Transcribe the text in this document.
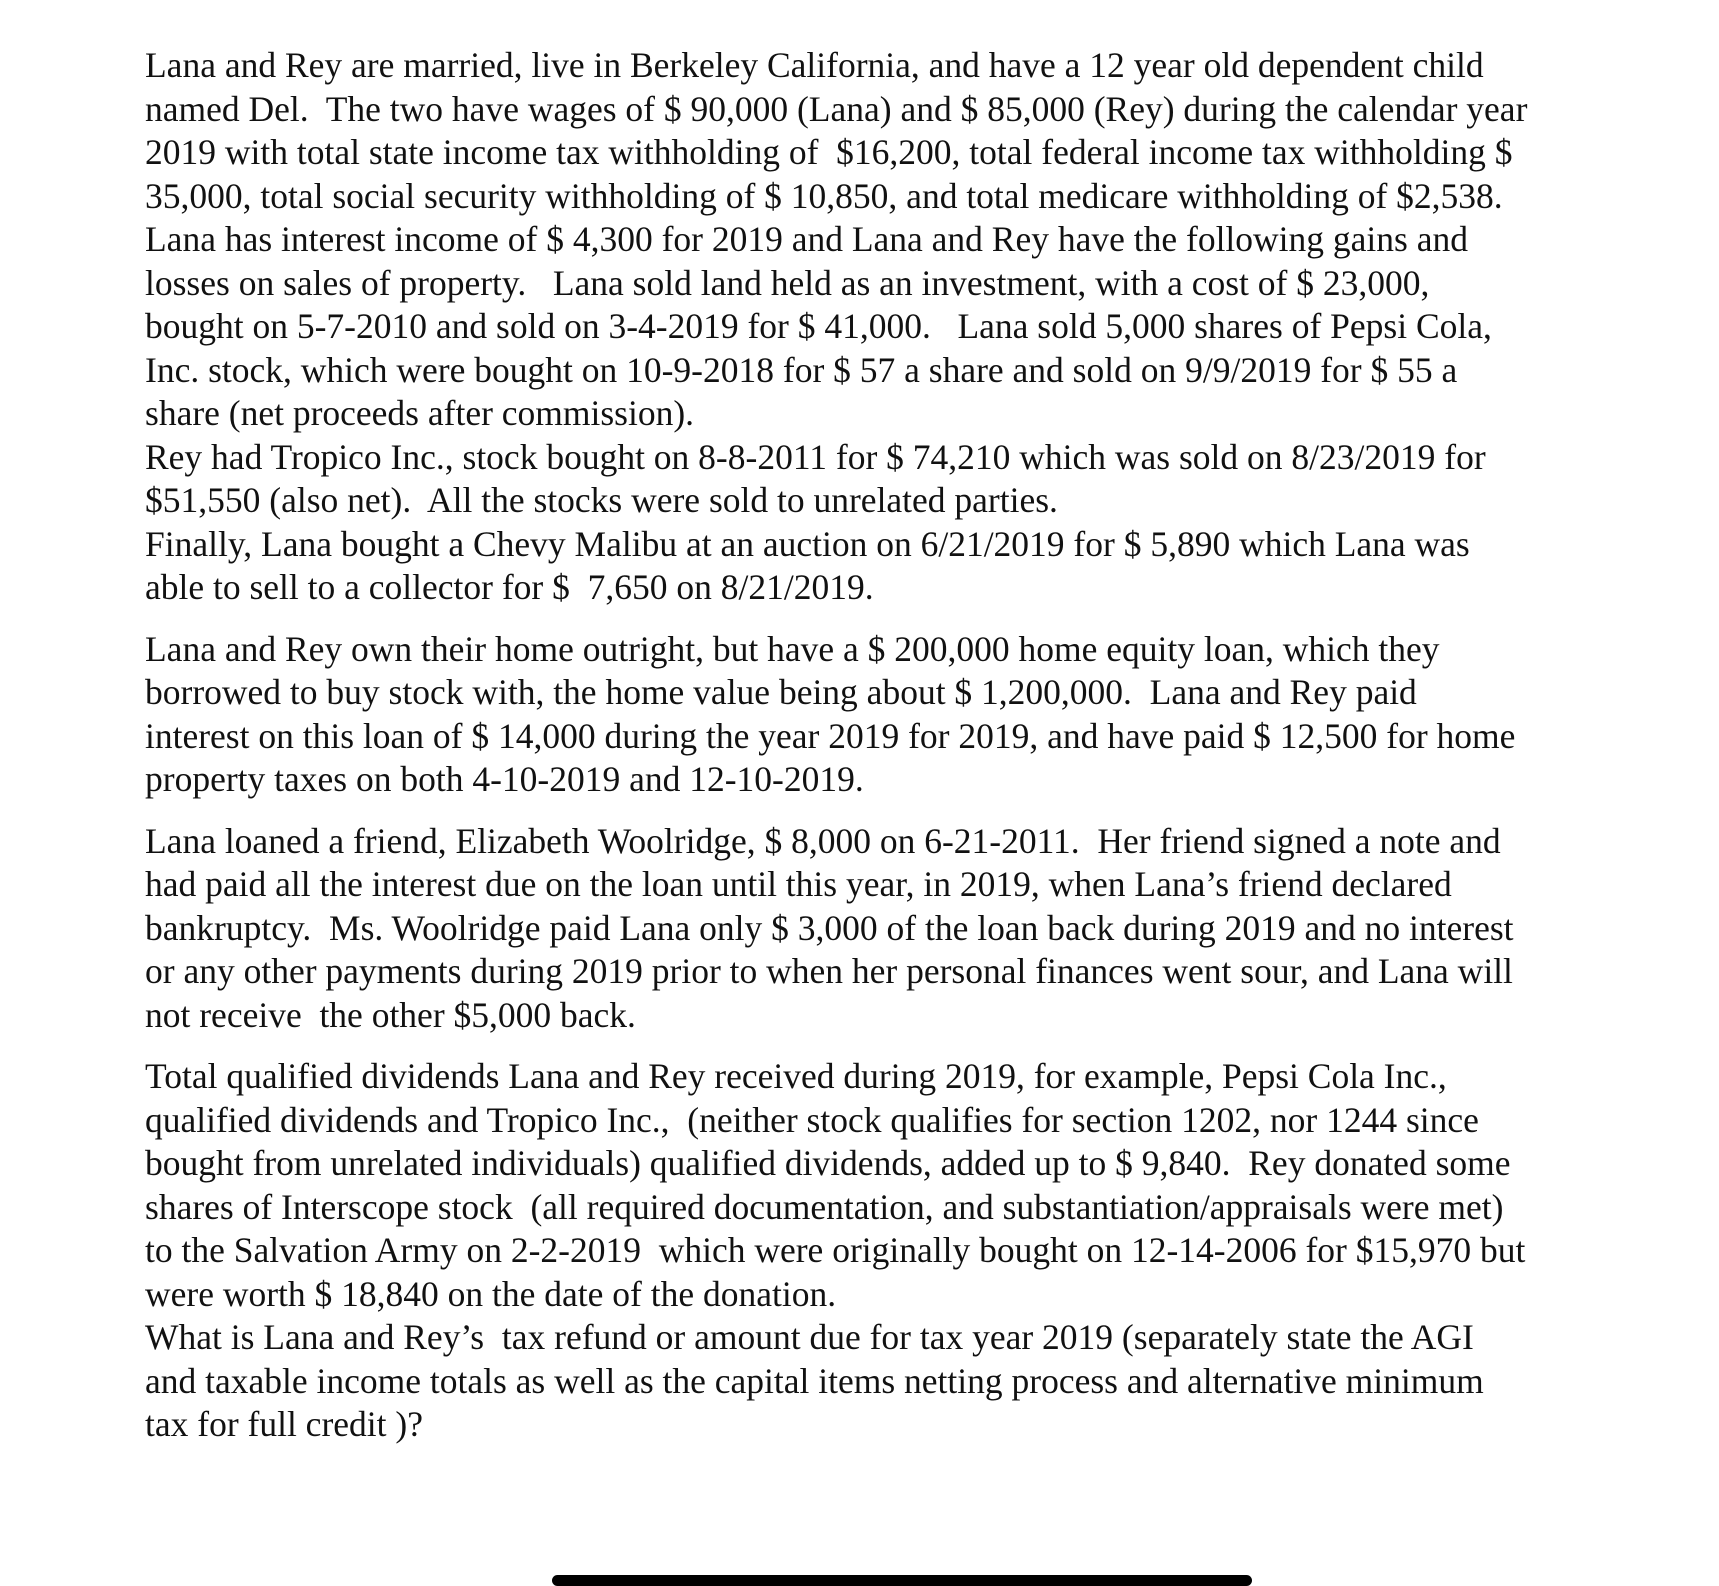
Lana and Rey are married, live in Berkeley California, and have a 12 year old dependent child
named Del.  The two have wages of $ 90,000 (Lana) and $ 85,000 (Rey) during the calendar year
2019 with total state income tax withholding of  $16,200, total federal income tax withholding $
35,000, total social security withholding of $ 10,850, and total medicare withholding of $2,538.
Lana has interest income of $ 4,300 for 2019 and Lana and Rey have the following gains and
losses on sales of property.   Lana sold land held as an investment, with a cost of $ 23,000,
bought on 5-7-2010 and sold on 3-4-2019 for $ 41,000.   Lana sold 5,000 shares of Pepsi Cola,
Inc. stock, which were bought on 10-9-2018 for $ 57 a share and sold on 9/9/2019 for $ 55 a
share (net proceeds after commission).
Rey had Tropico Inc., stock bought on 8-8-2011 for $ 74,210 which was sold on 8/23/2019 for
$51,550 (also net).  All the stocks were sold to unrelated parties.
Finally, Lana bought a Chevy Malibu at an auction on 6/21/2019 for $ 5,890 which Lana was
able to sell to a collector for $  7,650 on 8/21/2019.
Lana and Rey own their home outright, but have a $ 200,000 home equity loan, which they
borrowed to buy stock with, the home value being about $ 1,200,000.  Lana and Rey paid
interest on this loan of $ 14,000 during the year 2019 for 2019, and have paid $ 12,500 for home
property taxes on both 4-10-2019 and 12-10-2019.
Lana loaned a friend, Elizabeth Woolridge, $ 8,000 on 6-21-2011.  Her friend signed a note and
had paid all the interest due on the loan until this year, in 2019, when Lana’s friend declared
bankruptcy.  Ms. Woolridge paid Lana only $ 3,000 of the loan back during 2019 and no interest
or any other payments during 2019 prior to when her personal finances went sour, and Lana will
not receive  the other $5,000 back.
Total qualified dividends Lana and Rey received during 2019, for example, Pepsi Cola Inc.,
qualified dividends and Tropico Inc.,  (neither stock qualifies for section 1202, nor 1244 since
bought from unrelated individuals) qualified dividends, added up to $ 9,840.  Rey donated some
shares of Interscope stock  (all required documentation, and substantiation/appraisals were met)
to the Salvation Army on 2-2-2019  which were originally bought on 12-14-2006 for $15,970 but
were worth $ 18,840 on the date of the donation.
What is Lana and Rey’s  tax refund or amount due for tax year 2019 (separately state the AGI
and taxable income totals as well as the capital items netting process and alternative minimum
tax for full credit )?
